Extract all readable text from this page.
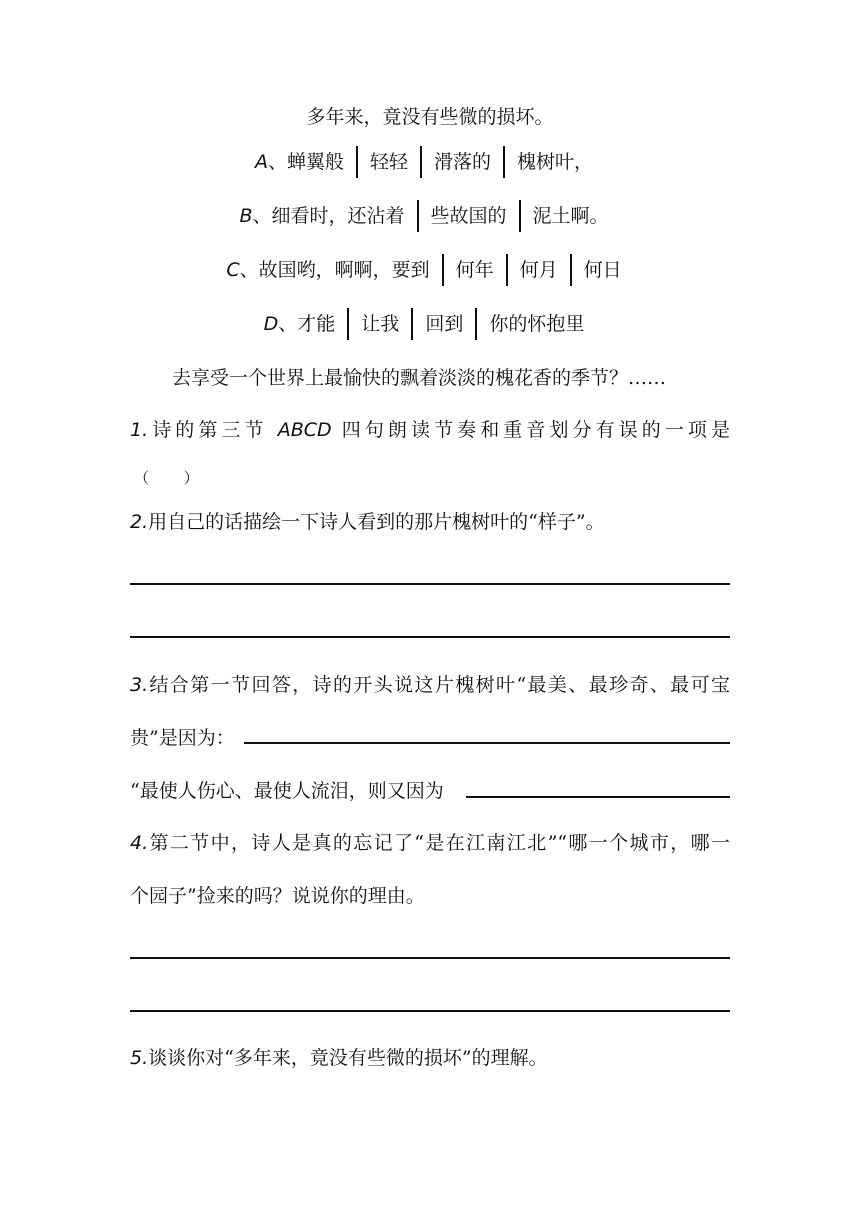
多年来，竟没有些微的损坏。
A、蝉翼般	轻轻	滑落的	槐树叶，
B、细看时，还沾着	些故国的	泥土啊。
C、故国哟，啊啊，要到	何年	何月	何日
D、才能	让我	回到	你的怀抱里
去享受一个世界上最愉快的飘着淡淡的槐花香的季节？……
1.诗的第三节 ABCD 四句朗读节奏和重音划分有误的一项是
（　　 ）
2.用自己的话描绘一下诗人看到的那片槐树叶的“样子”。
3.结合第一节回答，诗的开头说这片槐树叶“最美、最珍奇、最可宝
贵”是因为：
“最使人伤心、最使人流泪，则又因为
4.第二节中，诗人是真的忘记了“是在江南江北”“哪一个城市，哪一
个园子”捡来的吗？说说你的理由。
5.谈谈你对“多年来，竟没有些微的损坏”的理解。
